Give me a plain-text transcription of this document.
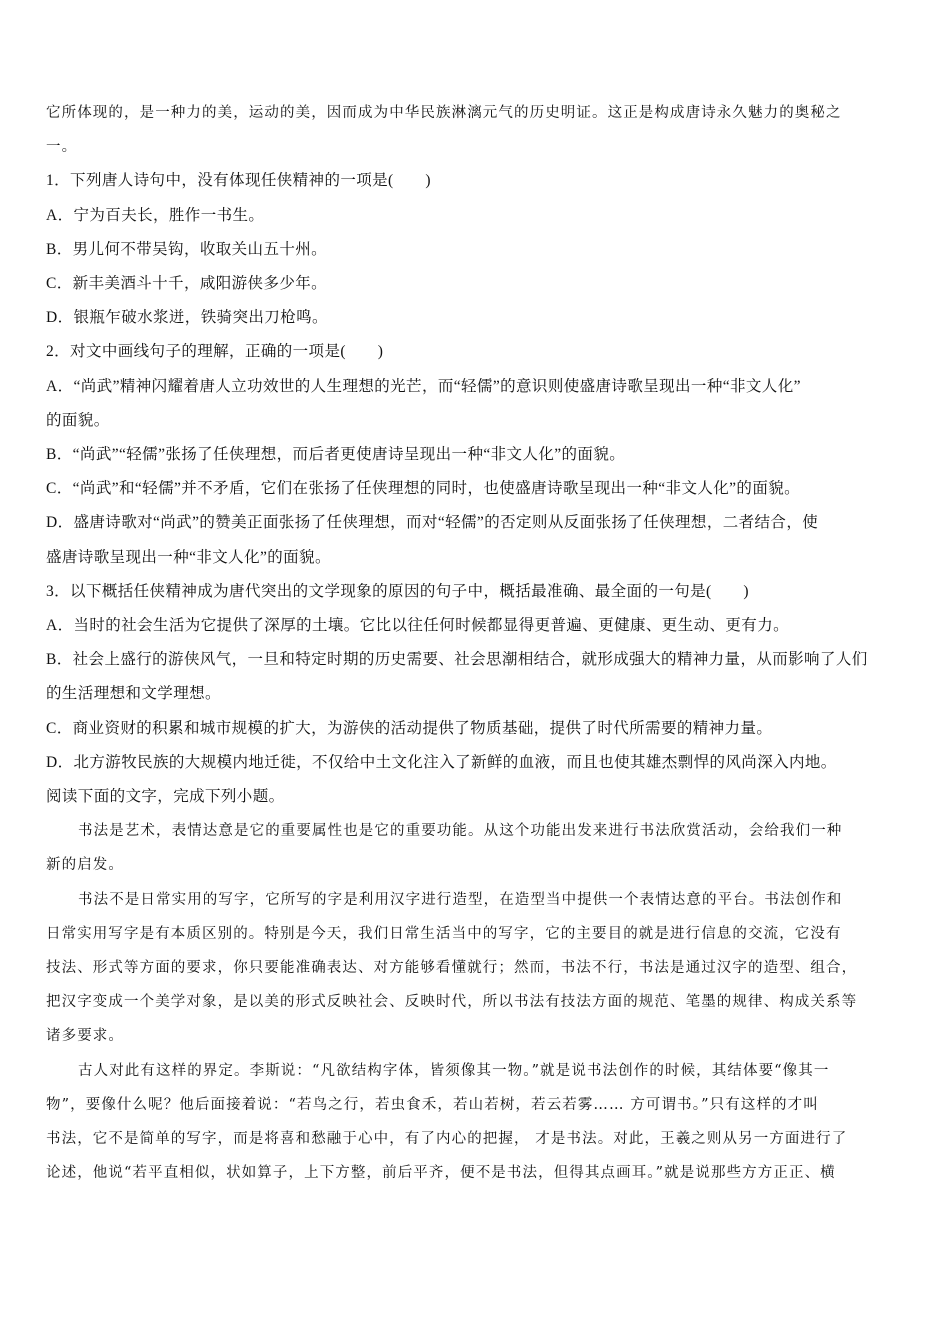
它所体现的，是一种力的美，运动的美，因而成为中华民族淋漓元气的历史明证。这正是构成唐诗永久魅力的奥秘之
一。
1．下列唐人诗句中，没有体现任侠精神的一项是(　　)
A．宁为百夫长，胜作一书生。
B．男儿何不带吴钩，收取关山五十州。
C．新丰美酒斗十千，咸阳游侠多少年。
D．银瓶乍破水浆迸，铁骑突出刀枪鸣。
2．对文中画线句子的理解，正确的一项是(　　)
A．“尚武”精神闪耀着唐人立功效世的人生理想的光芒，而“轻儒”的意识则使盛唐诗歌呈现出一种“非文人化”
的面貌。
B．“尚武”“轻儒”张扬了任侠理想，而后者更使唐诗呈现出一种“非文人化”的面貌。
C．“尚武”和“轻儒”并不矛盾，它们在张扬了任侠理想的同时，也使盛唐诗歌呈现出一种“非文人化”的面貌。
D．盛唐诗歌对“尚武”的赞美正面张扬了任侠理想，而对“轻儒”的否定则从反面张扬了任侠理想，二者结合，使
盛唐诗歌呈现出一种“非文人化”的面貌。
3．以下概括任侠精神成为唐代突出的文学现象的原因的句子中，概括最准确、最全面的一句是(　　)
A．当时的社会生活为它提供了深厚的土壤。它比以往任何时候都显得更普遍、更健康、更生动、更有力。
B．社会上盛行的游侠风气，一旦和特定时期的历史需要、社会思潮相结合，就形成强大的精神力量，从而影响了人们
的生活理想和文学理想。
C．商业资财的积累和城市规模的扩大，为游侠的活动提供了物质基础，提供了时代所需要的精神力量。
D．北方游牧民族的大规模内地迁徙，不仅给中土文化注入了新鲜的血液，而且也使其雄杰剽悍的风尚深入内地。
阅读下面的文字，完成下列小题。
书法是艺术，表情达意是它的重要属性也是它的重要功能。从这个功能出发来进行书法欣赏活动，会给我们一种
新的启发。
书法不是日常实用的写字，它所写的字是利用汉字进行造型，在造型当中提供一个表情达意的平台。书法创作和
日常实用写字是有本质区别的。特别是今天，我们日常生活当中的写字，它的主要目的就是进行信息的交流，它没有
技法、形式等方面的要求，你只要能准确表达、对方能够看懂就行；然而，书法不行，书法是通过汉字的造型、组合，
把汉字变成一个美学对象，是以美的形式反映社会、反映时代，所以书法有技法方面的规范、笔墨的规律、构成关系等
诸多要求。
古人对此有这样的界定。李斯说：“凡欲结构字体，皆须像其一物。”就是说书法创作的时候，其结体要“像其一
物”，要像什么呢？他后面接着说：“若鸟之行，若虫食禾，若山若树，若云若雾…… 方可谓书。”只有这样的才叫
书法，它不是简单的写字，而是将喜和愁融于心中，有了内心的把握， 才是书法。对此，王羲之则从另一方面进行了
论述，他说“若平直相似，状如算子，上下方整，前后平齐，便不是书法，但得其点画耳。”就是说那些方方正正、横
